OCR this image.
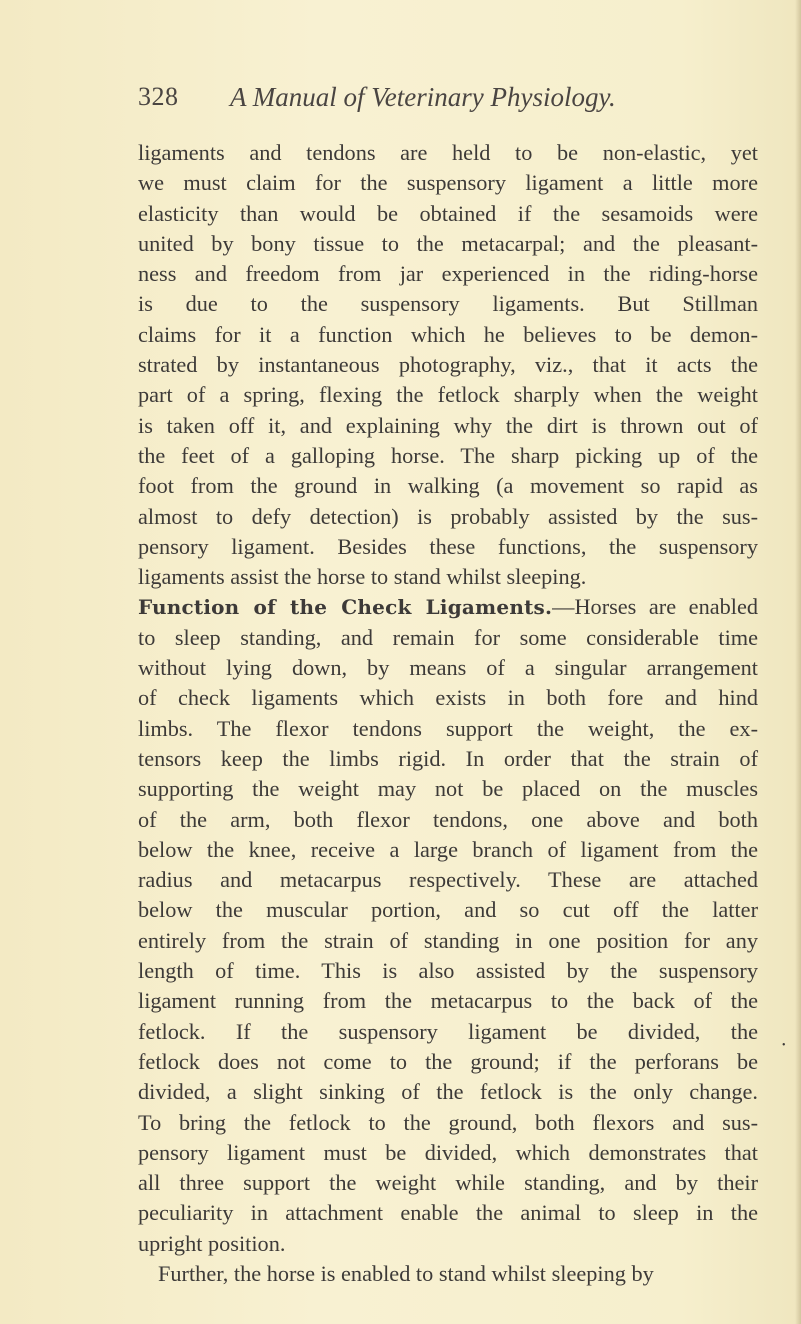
328 A Manual of Veterinary Physiology.
ligaments and tendons are held to be non-elastic, yet
we must claim for the suspensory ligament a little more
elasticity than would be obtained if the sesamoids were
united by bony tissue to the metacarpal; and the pleasant-
ness and freedom from jar experienced in the riding-horse
is due to the suspensory ligaments. But Stillman
claims for it a function which he believes to be demon-
strated by instantaneous photography, viz., that it acts the
part of a spring, flexing the fetlock sharply when the weight
is taken off it, and explaining why the dirt is thrown out of
the feet of a galloping horse. The sharp picking up of the
foot from the ground in walking (a movement so rapid as
almost to defy detection) is probably assisted by the sus-
pensory ligament. Besides these functions, the suspensory
ligaments assist the horse to stand whilst sleeping.
Function of the Check Ligaments.—Horses are enabled
to sleep standing, and remain for some considerable time
without lying down, by means of a singular arrangement
of check ligaments which exists in both fore and hind
limbs. The flexor tendons support the weight, the ex-
tensors keep the limbs rigid. In order that the strain of
supporting the weight may not be placed on the muscles
of the arm, both flexor tendons, one above and both
below the knee, receive a large branch of ligament from the
radius and metacarpus respectively. These are attached
below the muscular portion, and so cut off the latter
entirely from the strain of standing in one position for any
length of time. This is also assisted by the suspensory
ligament running from the metacarpus to the back of the
fetlock. If the suspensory ligament be divided, the
fetlock does not come to the ground; if the perforans be
divided, a slight sinking of the fetlock is the only change.
To bring the fetlock to the ground, both flexors and sus-
pensory ligament must be divided, which demonstrates that
all three support the weight while standing, and by their
peculiarity in attachment enable the animal to sleep in the
upright position.
Further, the horse is enabled to stand whilst sleeping by
•
